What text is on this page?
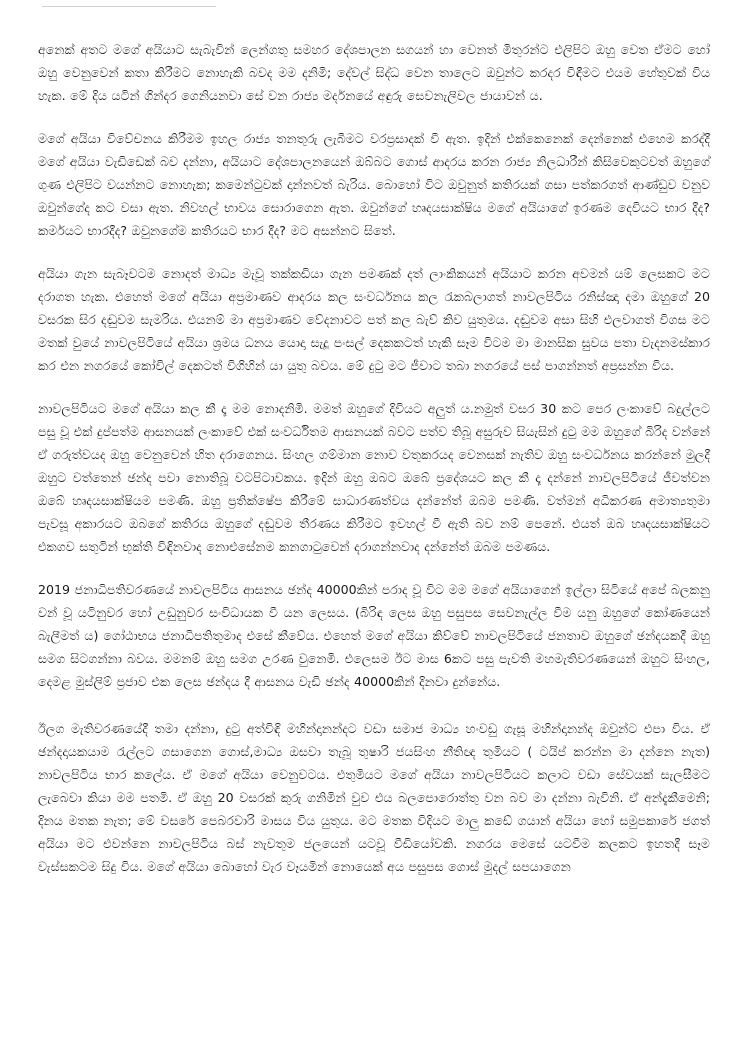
අනෙක් අතට මගේ අයියාට සැබැවින් ලෙන්ගතු සමහර දේශපාලන සගයන් හා වෙනත් මිතුරන්ට එලිපිට ඔහු වෙත ඒමට හෝ ඔහු වෙනුවෙන් කතා කිරීමට නොහැකි බවද මම දනිමි; දේවල් සිද්ධ වෙන තාලෙට ඔවුන්ට කරදර විඳීමට එයම හේතුවක් විය හැක. මේ දිය යටින් ගින්දර ගෙනියනවා සේ වන රාජ්‍ය මර්දනයේ අඳුරු සෙවනැලිවල ජායාවන් ය.

මගේ අයියා විවේචනය කිරීමම ඉහල රාජ්‍ය තනතුරු ලැබීමට වරප්‍රසාදක් වී ඇත. ඉදින් එක්කෙනෙක් දෙන්නෙක් එහෙම කරද්දී මගේ අයියා වැඩිඩෙක් බව දන්නා, අයියාට දේශපාලනයෙන් ඔබ්බට ගොස් ආදරය කරන රාජ්‍ය නිලධාරීන් කිසිවෙකුටවත් ඔහුගේ ගුණ එලිපිට වයන්නට නොහැක; කමෙන්ටුවක් දාන්නවත් බැරිය. බොහෝ විට ඔවුනුත් කතිරයක් ගසා පත්කරගත් ආණ්ඩුව වනුව ඔවුන්ගේද කට වසා ඇත. නිවහල් භාවය සොරාගෙන ඇත. ඔවුන්ගේ හෘදයසාක්ෂිය මගේ අයියාගේ ඉරණම දෙවියට භාර දීද? කර්මයට භාරදීද? ඔවුනගේම කතිරයට භාර දීද? මට අසන්නට සිතේ.

අයියා ගැන සැබෑවටම නොදත් මාධ්‍ය මැවූ තක්කඩියා ගැන පමණක් දත් ලාංකිකයන් අයියාට කරන අවමන් යම් ලෙසකට මට දරාගත හැක. එහෙත් මගේ අයියා අප්‍රමාණව ආදරය කල සංවර්ධනය කල රැකබලාගත් නාවලපිටිය රනිස්ඤා දමා ඔහුගේ 20 වසරක සිර දඬුවම සැමරිය. එයනම් මා අප්‍රමාණව වේදනාවට පත් කල බැව් කිව යුතුමය. දඬුවම අසා සිහි එලවාගත් විගස මට මතක් වුයේ නාවලපිටියේ අයියා ශ්‍රමය ධනය යොදා සැදූ පංසල් දෙකකටත් හැකි සෑම විටම මා මානසික සුවය පතා වැදනමස්කාර කර එන නගරයේ කෝවිල් දෙකටත් විගිහින් යා යුතු බවය. මේ දුටු මට ජීවාට තබා නගරයේ පස් පාගන්නත් අප්‍රසන්න විය.

නාවලපිටියට මගේ අයියා කල කී දෑ මම නොදනිමි. මමත් ඔහුගේ දිවියට අලුත් ය.නමුත් වසර 30 කට පෙර ලංකාවේ බදුල්ලට පසු වූ එක් දුප්පත්ම ආසනයක් ලංකාවේ එක් සංවර්ධිතම ආසනයක් බවට පත්ව තිබූ අසුරුව සියැසින් දුටු මම ඔහුගේ බිරිද වන්නේ ඒ ගරුත්වයද ඔහු වෙනුවෙන් හිත දරාගෙනය. සිංහල ගම්මාන නොව වතුකරයද වෙනසක් නැතිව ඔහු සංවර්ධනය කරන්නේ මුලදී ඔහුට වත්තෙන් ඡන්ද පවා නොතිබූ වටපිටාවකය. ඉදින් ඔහු ඔබට ඔබේ ප්‍රදේශයට කල කී දෑ දන්නේ නාවලපිටියේ ජීවත්වන ඔබේ හෘදයසාක්ෂියම පමණි. ඔහු ප්‍රතික්ෂේප කිරීමේ සාධාරණත්වය දන්නේත් ඔබම පමණි. වත්මන් අධිකරණ අමාත්‍යතුමා පැවසූ අකාරයට ඔබගේ කතිරය ඔහුගේ දඬුවම තීරණය කිරීමට ඉවහල් වී ඇති බව නම් පෙනේ. එයත් ඔබ හෘදයසාක්ෂියට එකගව සතුටින් භුක්ති විඳිනවාද නොඑසේනම කනගාටුවෙන් දරාගන්නවාද දන්නේත් ඔබම පමණය.

2019 ජනාධිපතිවරණයේ නාවලපිටිය ආසනය ඡන්ද 40000කින් පරාද වූ විට මම මගේ අයියාගෙන් ඉල්ලා සිටියේ අපේ බලකනු වන් වූ යටිනුවර හෝ උඩුනුවර සංවිධායක වී යන ලෙසය. (බිරිඳ ලෙස ඔහු පසුපස සෙවනැල්ල වීම යනු ඔහුගේ කෝණයෙන් බැලීමත් ය) ගෝඨාභය ජනාධිපතිතුමාද එසේ කීවේය. එහෙත් මගේ අයියා කිව්වේ නාවලපිටියේ ජනතාව ඔහුගේ ඡන්දයකදී ඔහු සමග සිටගන්නා බවය. මමනම් ඔහු සමග උරණ වුනෙමි. එලෙසම ඊට මාස 6කට පසු පැවති මහමැතිවරණයෙන් ඔහුට සිංහල, දෙමළ මුස්ලිම් ප්‍රජාව එක ලෙස ඡන්දය දී ආසනය වැඩි ඡන්ද 40000කින් දිනවා දුන්නේය.

ඊලග මැතිවරණයේදී තමා දන්නා, දුටු අත්විඳි මහින්දානන්දට වඩා සමාජ මාධ්‍ය හංවඩු ගැසූ මහින්දානන්ද ඔවුන්ට එපා විය. ඒ ඡන්දදායකයාම රැල්ලට ගසාගෙන ගොස්,මාධ්‍ය ඔසවා තැබූ තුෂාරි ජයසිංහ නීතිඥ තුමියට ( ටයිප් කරන්න මා දන්නෙ නැත) නාවලපිටිය භාර කලේය. ඒ මගේ අයියා වෙනුවටය. එතුමියට මගේ අයියා නාවලපිටියට කලාට වඩා සේවයක් සැලසීමට ලැබෙවා කියා මම පතමි. ඒ ඔහු 20 වසරක් කුරු ගනිමින් වුව එය බලපොරොත්තු වන බව මා දන්නා බැවිනි. ඒ අන්දැකීමෙනි; දිනය මතක නැත; මේ වසරේ පෙබරවාරි මාසය විය යුතුය. මට මතක විදියට මාලු කඩේ ගයාන් අයියා හෝ සමුපකාරේ ජගත් අයියා මට එවන්නෙ නාවලපිටිය බස් නැවතුම ජලයෙන් යටවූ වීඩියෝවකි. නගරය මෙසේ යටවීම කලකට ඉහතදී සෑම වැස්සකටම සිදු විය. මගේ අයියා බොහෝ වැර වෑයමින් නොයෙක් අය පසුපස ගොස් මුදල් සපයාගෙන
